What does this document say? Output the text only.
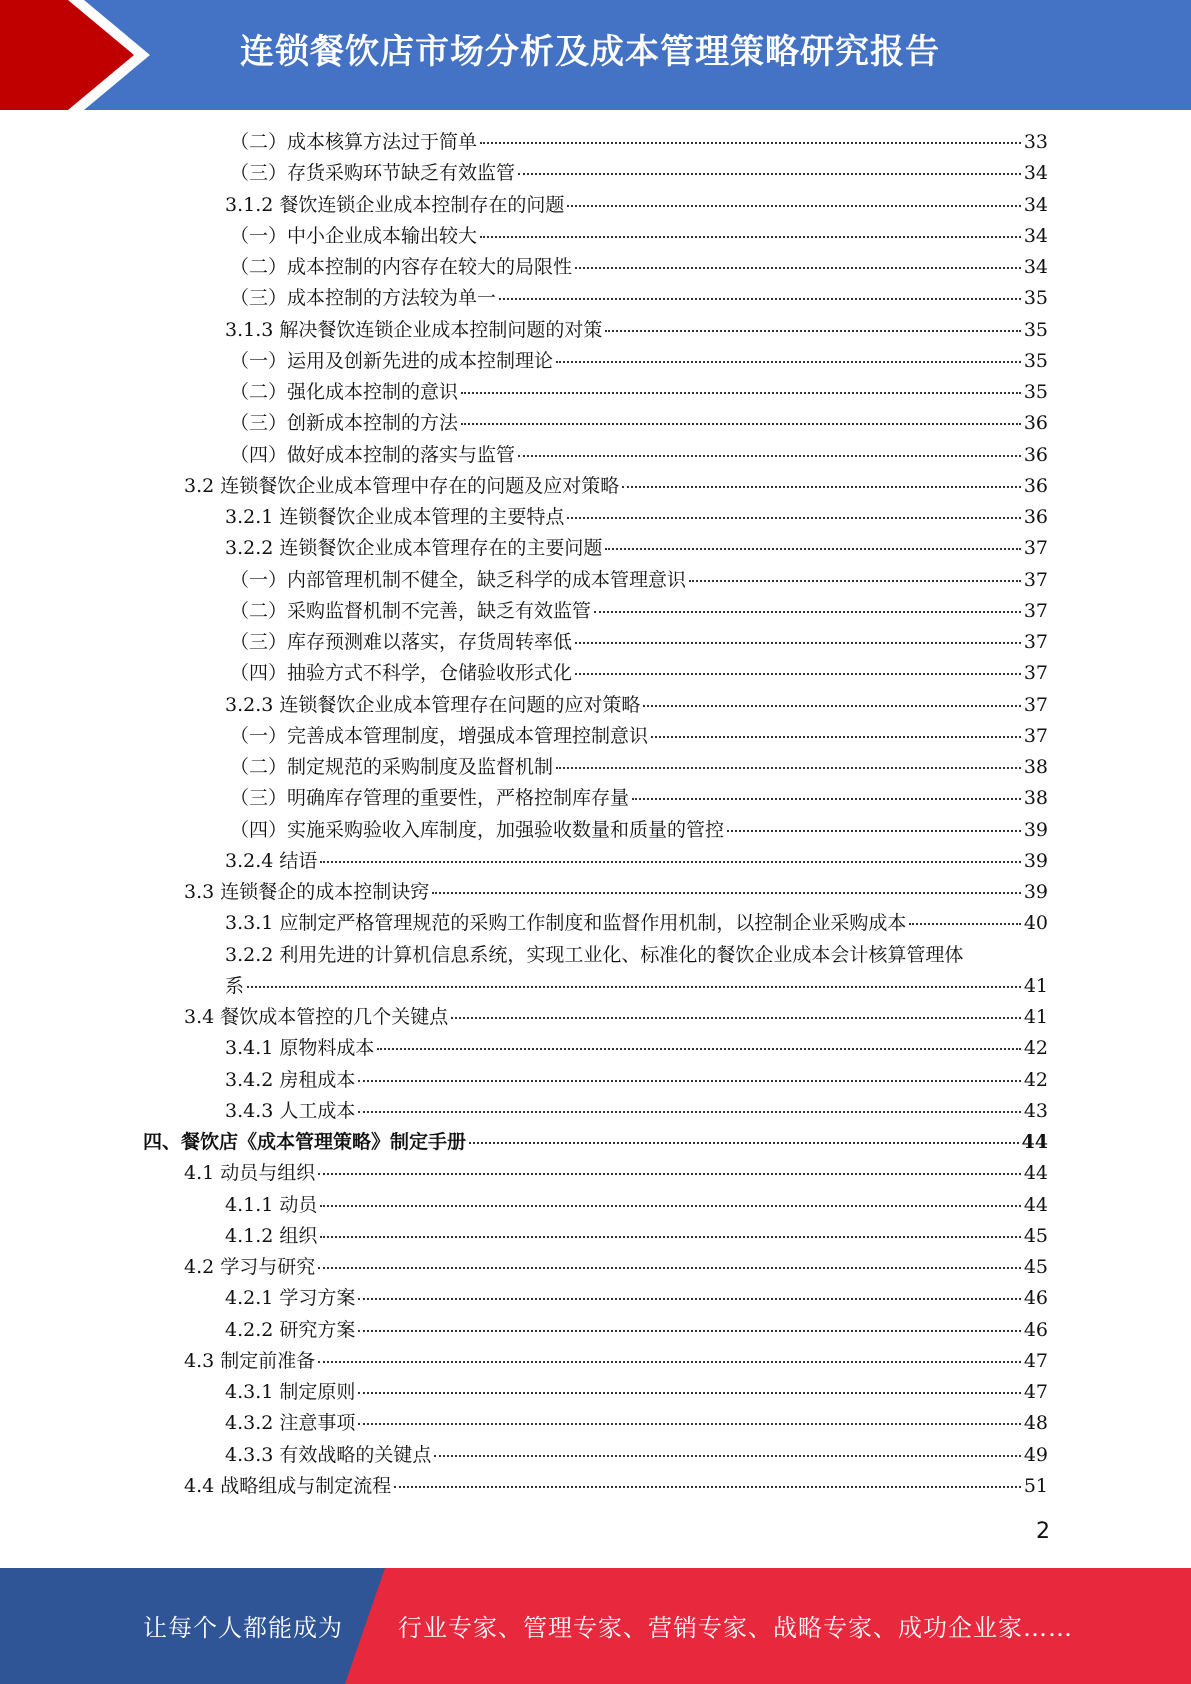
连锁餐饮店市场分析及成本管理策略研究报告
（二）成本核算方法过于简单	33
（三）存货采购环节缺乏有效监管	34
3.1.2 餐饮连锁企业成本控制存在的问题	34
（一）中小企业成本输出较大	34
（二）成本控制的内容存在较大的局限性	34
（三）成本控制的方法较为单一	35
3.1.3 解决餐饮连锁企业成本控制问题的对策	35
（一）运用及创新先进的成本控制理论	35
（二）强化成本控制的意识	35
（三）创新成本控制的方法	36
（四）做好成本控制的落实与监管	36
3.2 连锁餐饮企业成本管理中存在的问题及应对策略	36
3.2.1 连锁餐饮企业成本管理的主要特点	36
3.2.2 连锁餐饮企业成本管理存在的主要问题	37
（一）内部管理机制不健全，缺乏科学的成本管理意识	37
（二）采购监督机制不完善，缺乏有效监管	37
（三）库存预测难以落实，存货周转率低	37
（四）抽验方式不科学，仓储验收形式化	37
3.2.3 连锁餐饮企业成本管理存在问题的应对策略	37
（一）完善成本管理制度，增强成本管理控制意识	37
（二）制定规范的采购制度及监督机制	38
（三）明确库存管理的重要性，严格控制库存量	38
（四）实施采购验收入库制度，加强验收数量和质量的管控	39
3.2.4 结语	39
3.3 连锁餐企的成本控制诀窍	39
3.3.1 应制定严格管理规范的采购工作制度和监督作用机制，以控制企业采购成本	40
3.2.2 利用先进的计算机信息系统，实现工业化、标准化的餐饮企业成本会计核算管理体
系	41
3.4 餐饮成本管控的几个关键点	41
3.4.1 原物料成本	42
3.4.2 房租成本	42
3.4.3 人工成本	43
四、餐饮店《成本管理策略》制定手册	44
4.1 动员与组织	44
4.1.1 动员	44
4.1.2 组织	45
4.2 学习与研究	45
4.2.1 学习方案	46
4.2.2 研究方案	46
4.3 制定前准备	47
4.3.1 制定原则	47
4.3.2 注意事项	48
4.3.3 有效战略的关键点	49
4.4 战略组成与制定流程	51
2
让每个人都能成为 行业专家、管理专家、营销专家、战略专家、成功企业家……
